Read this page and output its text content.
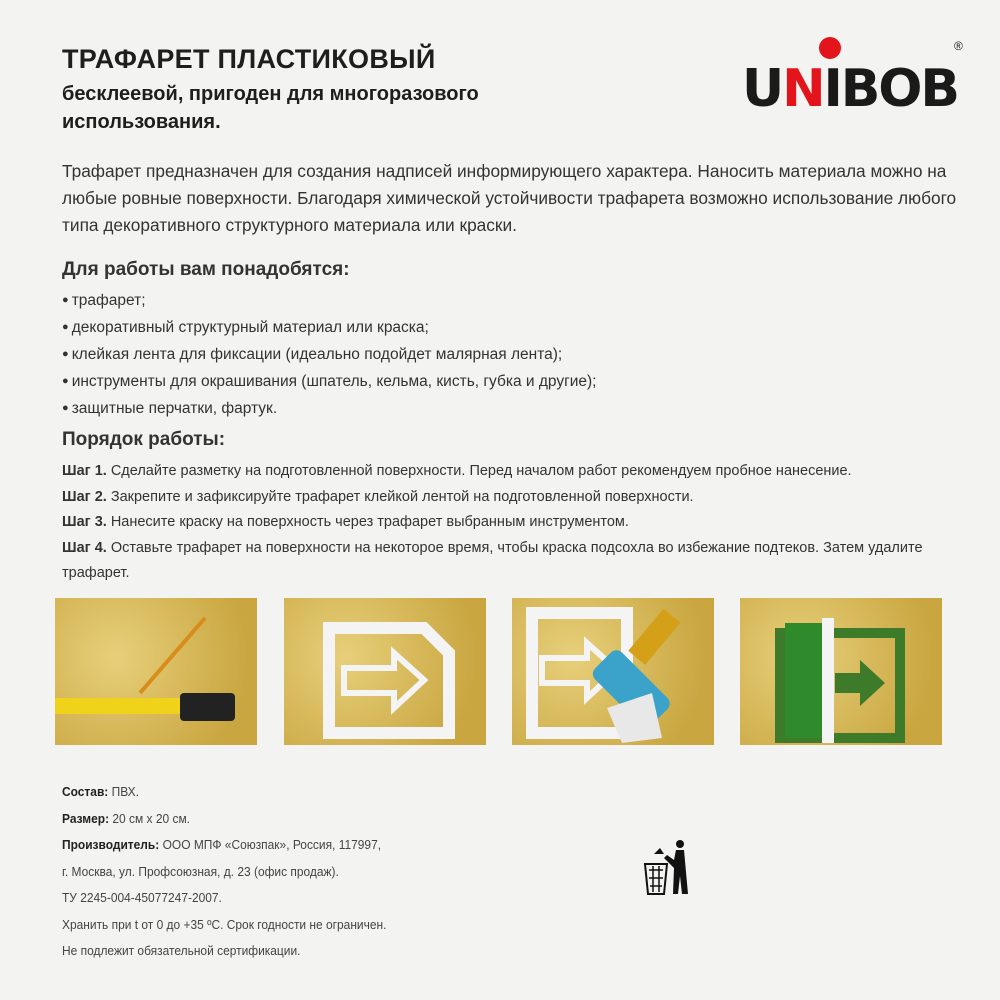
ТРАФАРЕТ ПЛАСТИКОВЫЙ
бесклеевой, пригоден для многоразового использования.
UNIBOB
®
Трафарет предназначен для создания надписей информирующего характера. Наносить материала можно на любые ровные поверхности. Благодаря химической устойчивости трафарета возможно использование любого типа декоративного структурного материала или краски.
Для работы вам понадобятся:
● трафарет;
● декоративный структурный материал или краска;
● клейкая лента для фиксации (идеально подойдет малярная лента);
● инструменты для окрашивания (шпатель, кельма, кисть, губка и другие);
● защитные перчатки, фартук.
Порядок работы:
Шаг 1. Сделайте разметку на подготовленной поверхности. Перед началом работ рекомендуем пробное нанесение.
Шаг 2. Закрепите и зафиксируйте трафарет клейкой лентой на подготовленной поверхности.
Шаг 3. Нанесите краску на поверхность через трафарет выбранным инструментом.
Шаг 4. Оставьте трафарет на поверхности на некоторое время, чтобы краска подсохла во избежание подтеков. Затем удалите трафарет.
Состав: ПВХ.
Размер: 20 см х 20 см.
Производитель: ООО МПФ «Союзпак», Россия, 117997,
г. Москва, ул. Профсоюзная, д. 23 (офис продаж).
ТУ 2245-004-45077247-2007.
Хранить при t от 0 до +35 ºС. Срок годности не ограничен.
Не подлежит обязательной сертификации.
